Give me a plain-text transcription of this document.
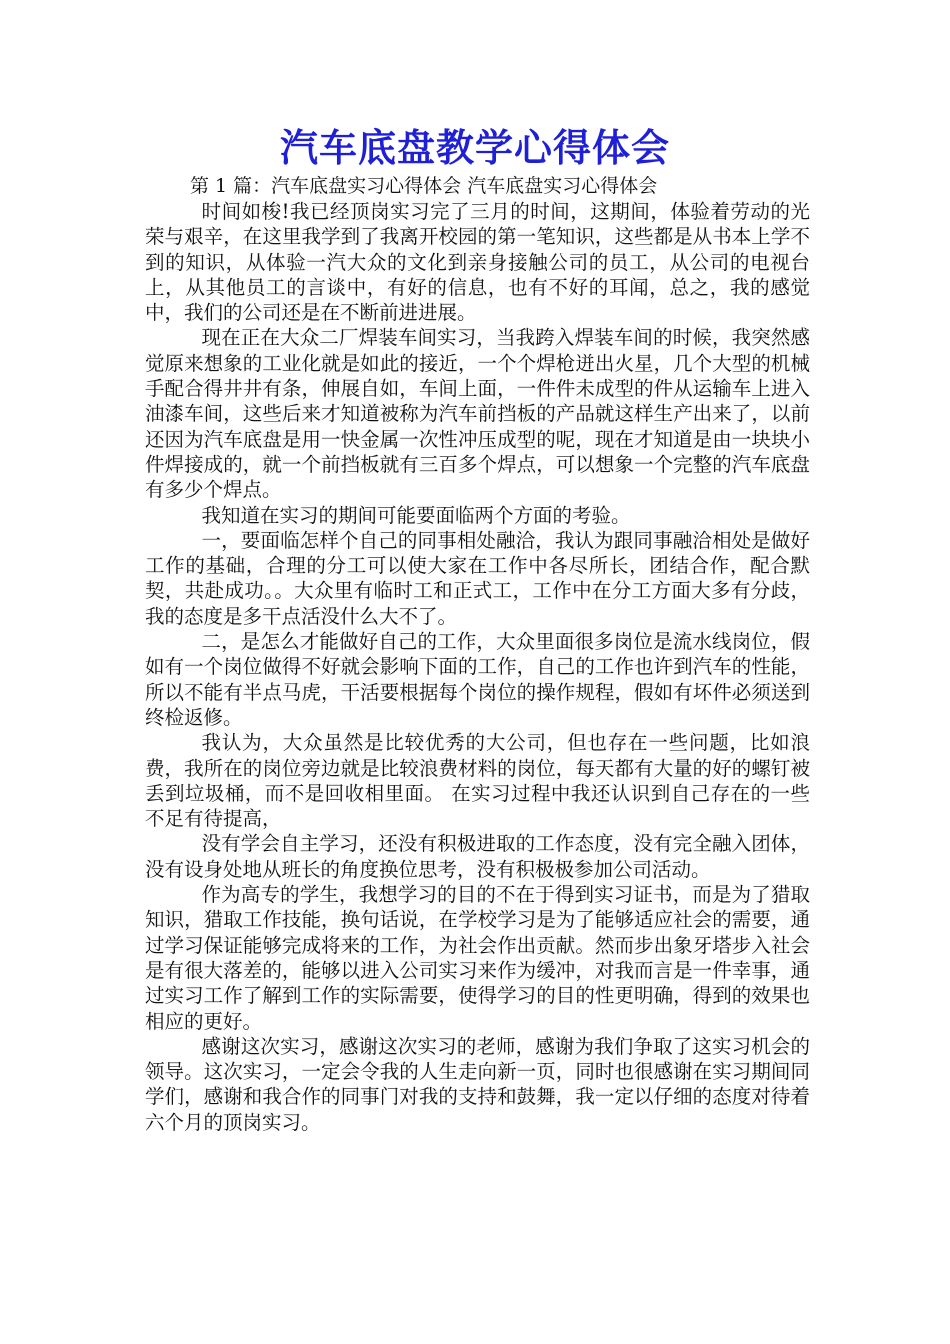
汽车底盘教学心得体会
第 1 篇：汽车底盘实习心得体会 汽车底盘实习心得体会

时间如梭!我已经顶岗实习完了三月的时间，这期间，体验着劳动的光荣与艰辛，在这里我学到了我离开校园的第一笔知识，这些都是从书本上学不到的知识，从体验一汽大众的文化到亲身接触公司的员工，从公司的电视台上，从其他员工的言谈中，有好的信息，也有不好的耳闻，总之，我的感觉中，我们的公司还是在不断前进进展。

现在正在大众二厂焊装车间实习，当我跨入焊装车间的时候，我突然感觉原来想象的工业化就是如此的接近，一个个焊枪迸出火星，几个大型的机械手配合得井井有条，伸展自如，车间上面，一件件未成型的件从运输车上进入油漆车间，这些后来才知道被称为汽车前挡板的产品就这样生产出来了，以前还因为汽车底盘是用一快金属一次性冲压成型的呢，现在才知道是由一块块小件焊接成的，就一个前挡板就有三百多个焊点，可以想象一个完整的汽车底盘有多少个焊点。

我知道在实习的期间可能要面临两个方面的考验。

一，要面临怎样个自己的同事相处融洽，我认为跟同事融洽相处是做好工作的基础，合理的分工可以使大家在工作中各尽所长，团结合作，配合默契，共赴成功。。大众里有临时工和正式工，工作中在分工方面大多有分歧，我的态度是多干点活没什么大不了。

二，是怎么才能做好自己的工作，大众里面很多岗位是流水线岗位，假如有一个岗位做得不好就会影响下面的工作，自己的工作也许到汽车的性能，所以不能有半点马虎，干活要根据每个岗位的操作规程，假如有坏件必须送到终检返修。

我认为，大众虽然是比较优秀的大公司，但也存在一些问题，比如浪费，我所在的岗位旁边就是比较浪费材料的岗位，每天都有大量的好的螺钉被丢到垃圾桶，而不是回收相里面。 在实习过程中我还认识到自己存在的一些不足有待提高，

没有学会自主学习，还没有积极进取的工作态度，没有完全融入团体，没有设身处地从班长的角度换位思考，没有积极极参加公司活动。

作为高专的学生，我想学习的目的不在于得到实习证书，而是为了猎取知识，猎取工作技能，换句话说，在学校学习是为了能够适应社会的需要，通过学习保证能够完成将来的工作，为社会作出贡献。然而步出象牙塔步入社会是有很大落差的，能够以进入公司实习来作为缓冲，对我而言是一件幸事，通过实习工作了解到工作的实际需要，使得学习的目的性更明确，得到的效果也相应的更好。

感谢这次实习，感谢这次实习的老师，感谢为我们争取了这实习机会的领导。这次实习，一定会令我的人生走向新一页，同时也很感谢在实习期间同学们，感谢和我合作的同事门对我的支持和鼓舞，我一定以仔细的态度对待着六个月的顶岗实习。
